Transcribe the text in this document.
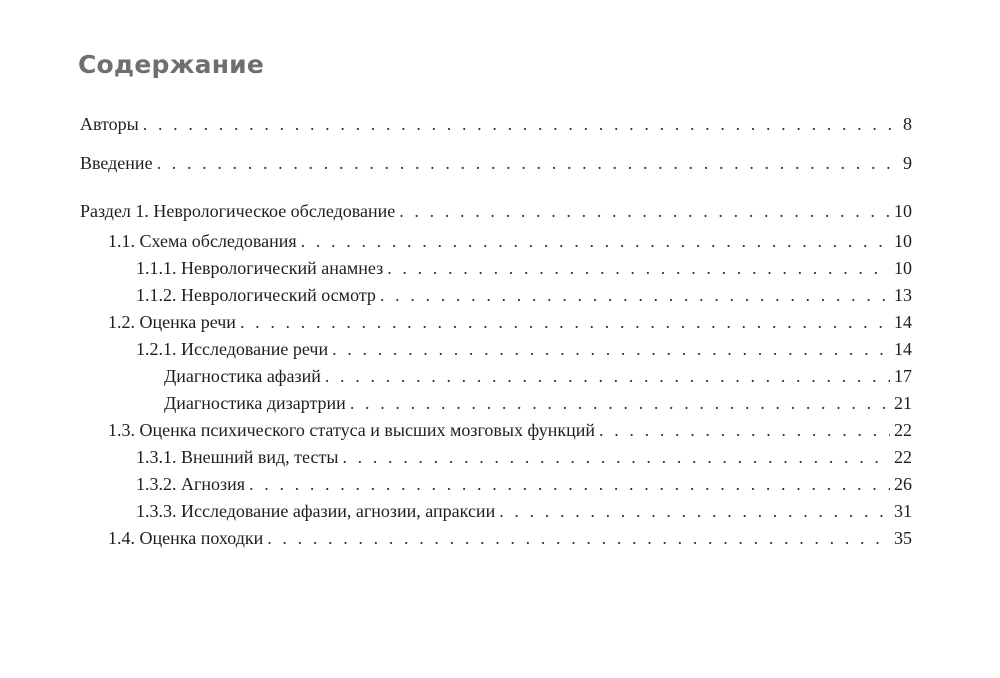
Содержание
Авторы . . .	8
Введение . . .	9
Раздел 1. Неврологическое обследование . . .	10
1.1. Схема обследования . . .	10
1.1.1. Неврологический анамнез . . .	10
1.1.2. Неврологический осмотр . . .	13
1.2. Оценка речи . . .	14
1.2.1. Исследование речи . . .	14
Диагностика афазий . . .	17
Диагностика дизартрии . . .	21
1.3. Оценка психического статуса и высших мозговых функций . . .	22
1.3.1. Внешний вид, тесты . . .	22
1.3.2. Агнозия . . .	26
1.3.3. Исследование афазии, агнозии, апраксии . . .	31
1.4. Оценка походки . . .	35
